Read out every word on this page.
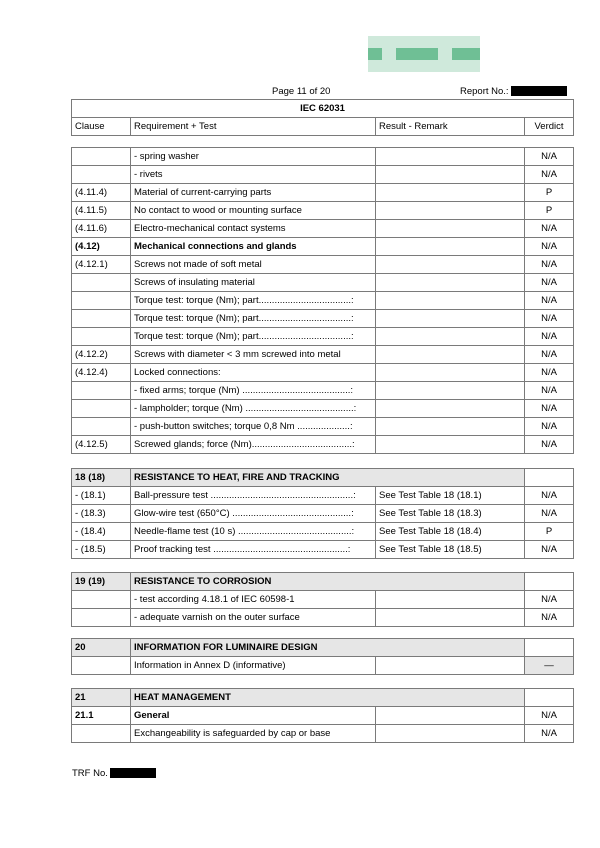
Page 11 of 20	Report No.:
IEC 62031
Clause	Requirement + Test	Result - Remark	Verdict
	- spring washer		N/A
	- rivets		N/A
(4.11.4)	Material of current-carrying parts		P
(4.11.5)	No contact to wood or mounting surface		P
(4.11.6)	Electro-mechanical contact systems		N/A
(4.12)	Mechanical connections and glands		N/A
(4.12.1)	Screws not made of soft metal		N/A
	Screws of insulating material		N/A
	Torque test: torque (Nm); part...................................:		N/A
	Torque test: torque (Nm); part...................................:		N/A
	Torque test: torque (Nm); part...................................:		N/A
(4.12.2)	Screws with diameter < 3 mm screwed into metal		N/A
(4.12.4)	Locked connections:		N/A
	- fixed arms; torque (Nm) .........................................:		N/A
	- lampholder; torque (Nm) .........................................:		N/A
	- push-button switches; torque 0,8 Nm ....................:		N/A
(4.12.5)	Screwed glands; force (Nm)......................................:		N/A
18 (18)	RESISTANCE TO HEAT, FIRE AND TRACKING		
- (18.1)	Ball-pressure test ......................................................:	See Test Table 18 (18.1)	N/A
- (18.3)	Glow-wire test (650°C) .............................................:	See Test Table 18 (18.3)	N/A
- (18.4)	Needle-flame test (10 s) ...........................................:	See Test Table 18 (18.4)	P
- (18.5)	Proof tracking test ...................................................:	See Test Table 18 (18.5)	N/A
19 (19)	RESISTANCE TO CORROSION		
	- test according 4.18.1 of IEC 60598-1		N/A
	- adequate varnish on the outer surface		N/A
20	INFORMATION FOR LUMINAIRE DESIGN		
	Information in Annex D (informative)		—
21	HEAT MANAGEMENT		
21.1	General		N/A
	Exchangeability is safeguarded by cap or base		N/A
TRF No.
